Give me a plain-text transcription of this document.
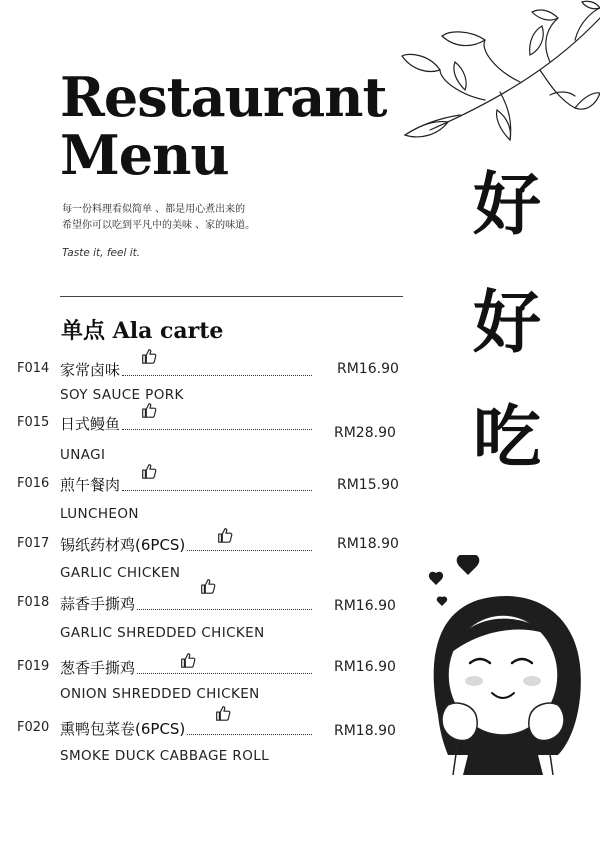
Restaurant
Menu
每一份料理看似简单 、都是用心煮出来的
希望你可以吃到平凡中的美味 、家的味道。
Taste it, feel it.
单点 Ala carte
F014 家常卤味	RM16.90
SOY SAUCE PORK
F015 日式鳗鱼	RM28.90
UNAGI
F016 煎午餐肉	RM15.90
LUNCHEON
F017 锡纸药材鸡(6PCS)	RM18.90
GARLIC CHICKEN
F018 蒜香手撕鸡	RM16.90
GARLIC SHREDDED CHICKEN
F019 葱香手撕鸡	RM16.90
ONION SHREDDED CHICKEN
F020 熏鸭包菜卷(6PCS)	RM18.90
SMOKE DUCK CABBAGE ROLL
好
好
吃
